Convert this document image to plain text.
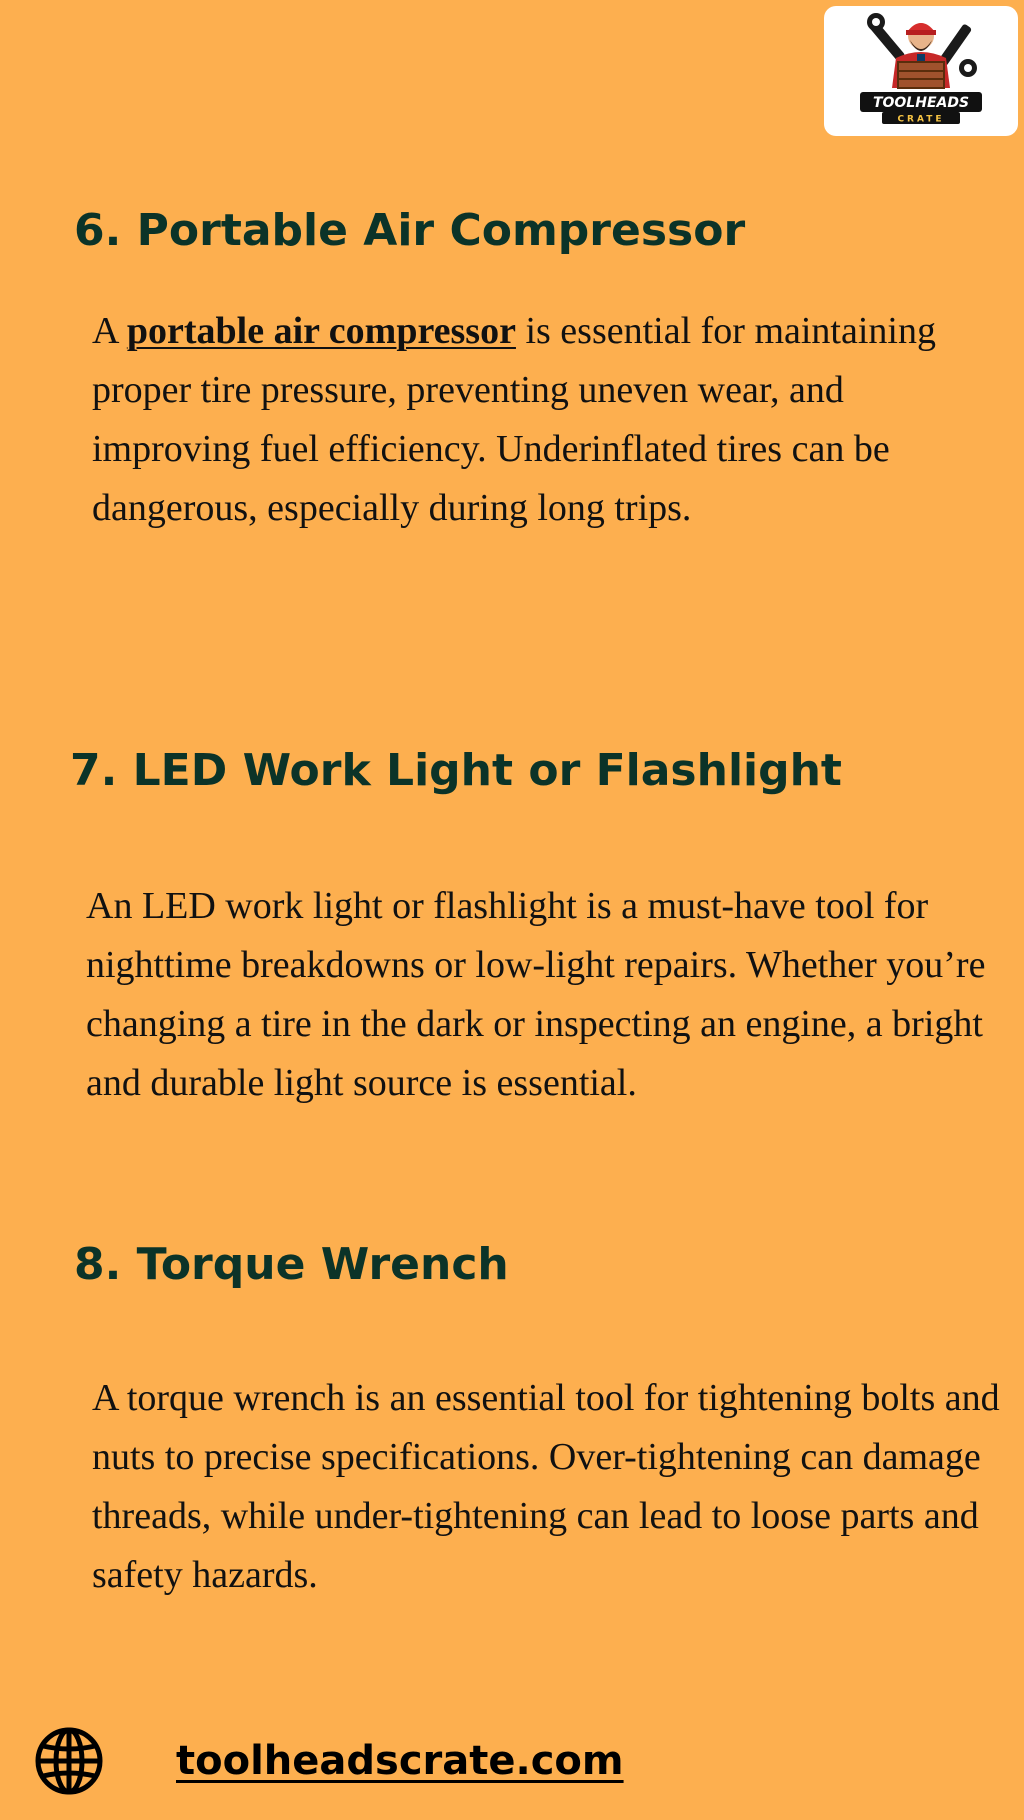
TOOLHEADS
CRATE
6. Portable Air Compressor

A portable air compressor is essential for maintaining proper tire pressure, preventing uneven wear, and improving fuel efficiency. Underinflated tires can be dangerous, especially during long trips.

7. LED Work Light or Flashlight

An LED work light or flashlight is a must-have tool for nighttime breakdowns or low-light repairs. Whether you’re changing a tire in the dark or inspecting an engine, a bright and durable light source is essential.

8. Torque Wrench

A torque wrench is an essential tool for tightening bolts and nuts to precise specifications. Over-tightening can damage threads, while under-tightening can lead to loose parts and safety hazards.

toolheadscrate.com
